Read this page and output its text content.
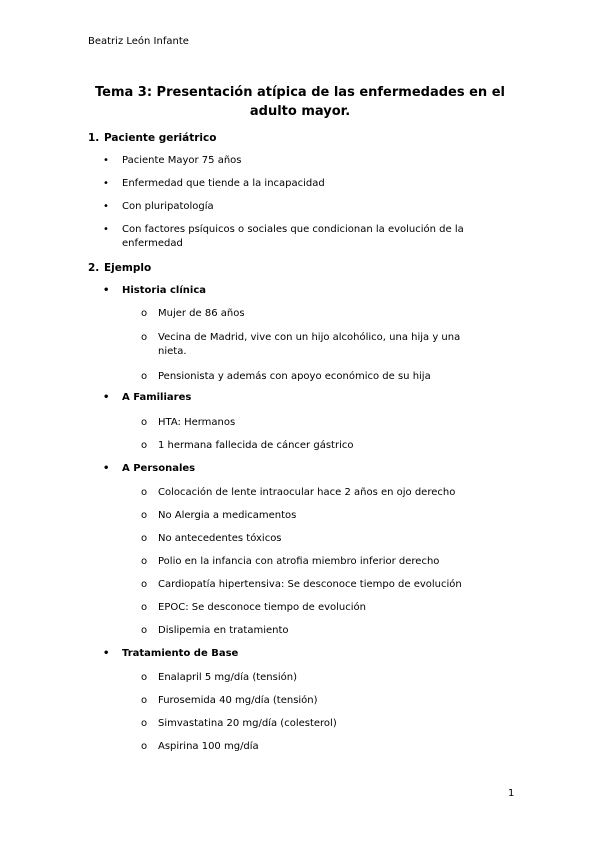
Beatriz León Infante
Tema 3: Presentación atípica de las enfermedades en el adulto mayor.
1. Paciente geriátrico
• Paciente Mayor 75 años
• Enfermedad que tiende a la incapacidad
• Con pluripatología
• Con factores psíquicos o sociales que condicionan la evolución de la enfermedad
2. Ejemplo
• Historia clínica
o Mujer de 86 años
o Vecina de Madrid, vive con un hijo alcohólico, una hija y una nieta.
o Pensionista y además con apoyo económico de su hija
• A Familiares
o HTA: Hermanos
o 1 hermana fallecida de cáncer gástrico
• A Personales
o Colocación de lente intraocular hace 2 años en ojo derecho
o No Alergia a medicamentos
o No antecedentes tóxicos
o Polio en la infancia con atrofia miembro inferior derecho
o Cardiopatía hipertensiva: Se desconoce tiempo de evolución
o EPOC: Se desconoce tiempo de evolución
o Dislipemia en tratamiento
• Tratamiento de Base
o Enalapril 5 mg/día (tensión)
o Furosemida 40 mg/día (tensión)
o Simvastatina 20 mg/día (colesterol)
o Aspirina 100 mg/día
1
